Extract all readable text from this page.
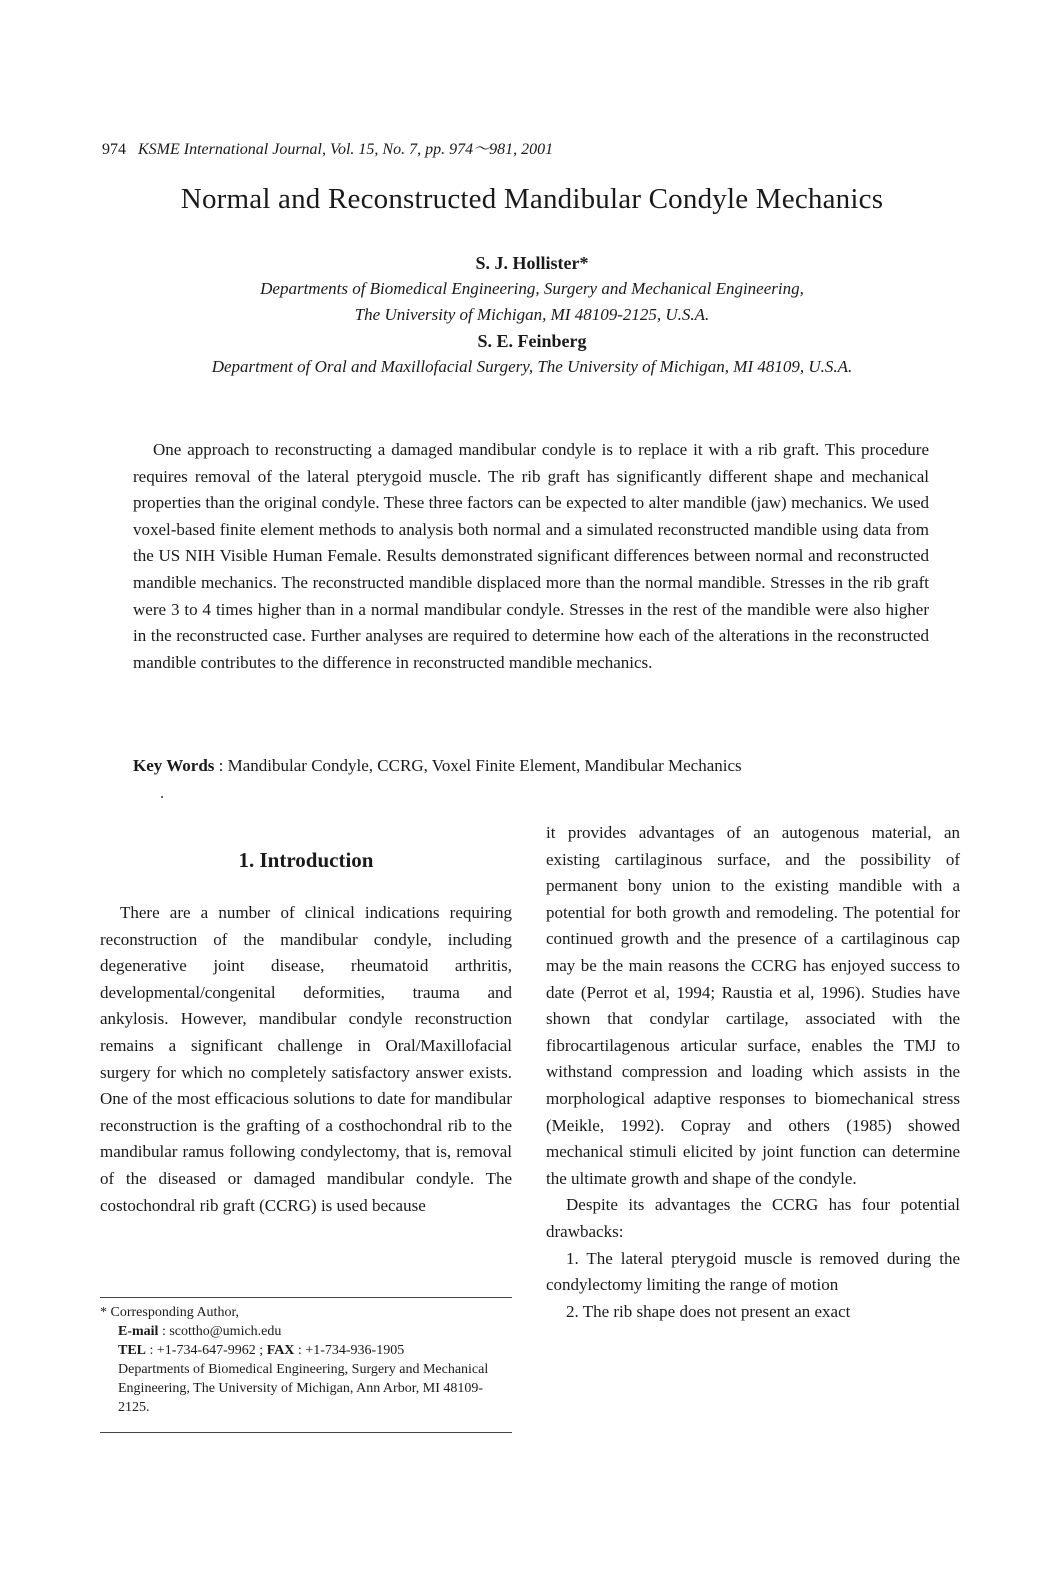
974 KSME International Journal, Vol. 15, No. 7, pp. 974～981, 2001
Normal and Reconstructed Mandibular Condyle Mechanics
S. J. Hollister*
Departments of Biomedical Engineering, Surgery and Mechanical Engineering,
The University of Michigan, MI 48109-2125, U.S.A.
S. E. Feinberg
Department of Oral and Maxillofacial Surgery, The University of Michigan, MI 48109, U.S.A.

One approach to reconstructing a damaged mandibular condyle is to replace it with a rib graft. This procedure requires removal of the lateral pterygoid muscle. The rib graft has significantly different shape and mechanical properties than the original condyle. These three factors can be expected to alter mandible (jaw) mechanics. We used voxel-based finite element methods to analysis both normal and a simulated reconstructed mandible using data from the US NIH Visible Human Female. Results demonstrated significant differences between normal and reconstructed mandible mechanics. The reconstructed mandible displaced more than the normal mandible. Stresses in the rib graft were 3 to 4 times higher than in a normal mandibular condyle. Stresses in the rest of the mandible were also higher in the reconstructed case. Further analyses are required to determine how each of the alterations in the reconstructed mandible contributes to the difference in reconstructed mandible mechanics.

Key Words : Mandibular Condyle, CCRG, Voxel Finite Element, Mandibular Mechanics
1. Introduction

There are a number of clinical indications requiring reconstruction of the mandibular condyle, including degenerative joint disease, rheumatoid arthritis, developmental/congenital deformities, trauma and ankylosis. However, mandibular condyle reconstruction remains a significant challenge in Oral/Maxillofacial surgery for which no completely satisfactory answer exists. One of the most efficacious solutions to date for mandibular reconstruction is the grafting of a costhochondral rib to the mandibular ramus following condylectomy, that is, removal of the diseased or damaged mandibular condyle. The costochondral rib graft (CCRG) is used because

it provides advantages of an autogenous material, an existing cartilaginous surface, and the possibility of permanent bony union to the existing mandible with a potential for both growth and remodeling. The potential for continued growth and the presence of a cartilaginous cap may be the main reasons the CCRG has enjoyed success to date (Perrot et al, 1994; Raustia et al, 1996). Studies have shown that condylar cartilage, associated with the fibrocartilagenous articular surface, enables the TMJ to withstand compression and loading which assists in the morphological adaptive responses to biomechanical stress (Meikle, 1992). Copray and others (1985) showed mechanical stimuli elicited by joint function can determine the ultimate growth and shape of the condyle.

Despite its advantages the CCRG has four potential drawbacks:

1. The lateral pterygoid muscle is removed during the condylectomy limiting the range of motion

2. The rib shape does not present an exact

* Corresponding Author,
E-mail : scottho@umich.edu
TEL : +1-734-647-9962 ; FAX : +1-734-936-1905
Departments of Biomedical Engineering, Surgery and Mechanical Engineering, The University of Michigan, Ann Arbor, MI 48109-2125.
